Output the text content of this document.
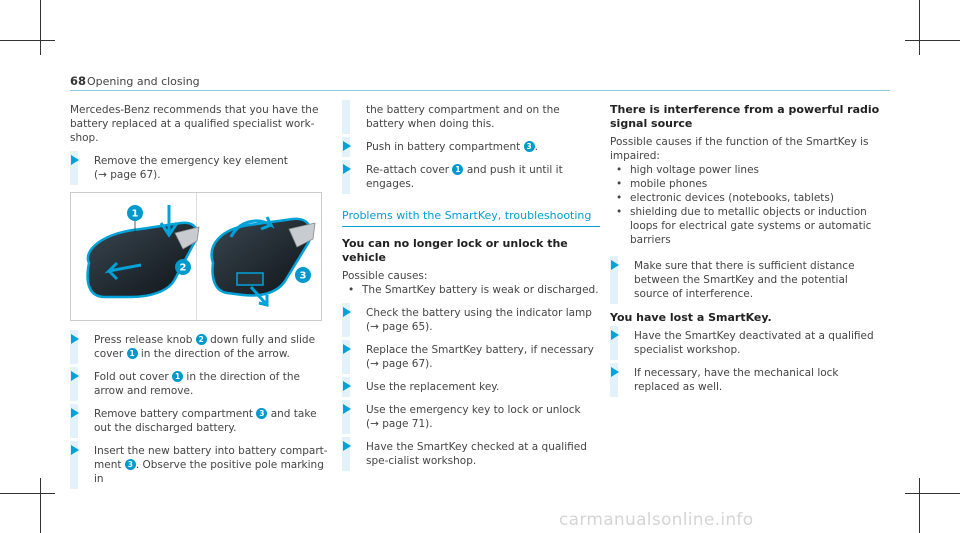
68 Opening and closing

Mercedes-Benz recommends that you have the battery replaced at a qualified specialist work-shop.

Remove the emergency key element
(→ page 67).
1
2
3
Press release knob 2 down fully and slide cover 1 in the direction of the arrow.
Fold out cover 1 in the direction of the arrow and remove.
Remove battery compartment 3 and take out the discharged battery.
Insert the new battery into battery compart-ment 3 . Observe the positive pole marking in
the battery compartment and on the battery when doing this.
Push in battery compartment 3 .
Re-attach cover 1 and push it until it engages.
Problems with the SmartKey, troubleshooting
You can no longer lock or unlock the vehicle
Possible causes:
• The SmartKey battery is weak or discharged.
Check the battery using the indicator lamp
(→ page 65).
Replace the SmartKey battery, if necessary
(→ page 67).
Use the replacement key.
Use the emergency key to lock or unlock
(→ page 71).
Have the SmartKey checked at a qualified spe-cialist workshop.
There is interference from a powerful radio signal source
Possible causes if the function of the SmartKey is impaired:
• high voltage power lines
• mobile phones
• electronic devices (notebooks, tablets)
• shielding due to metallic objects or induction loops for electrical gate systems or automatic barriers
Make sure that there is sufficient distance between the SmartKey and the potential source of interference.
You have lost a SmartKey.
Have the SmartKey deactivated at a qualified specialist workshop.
If necessary, have the mechanical lock replaced as well.
carmanualsonline.info
